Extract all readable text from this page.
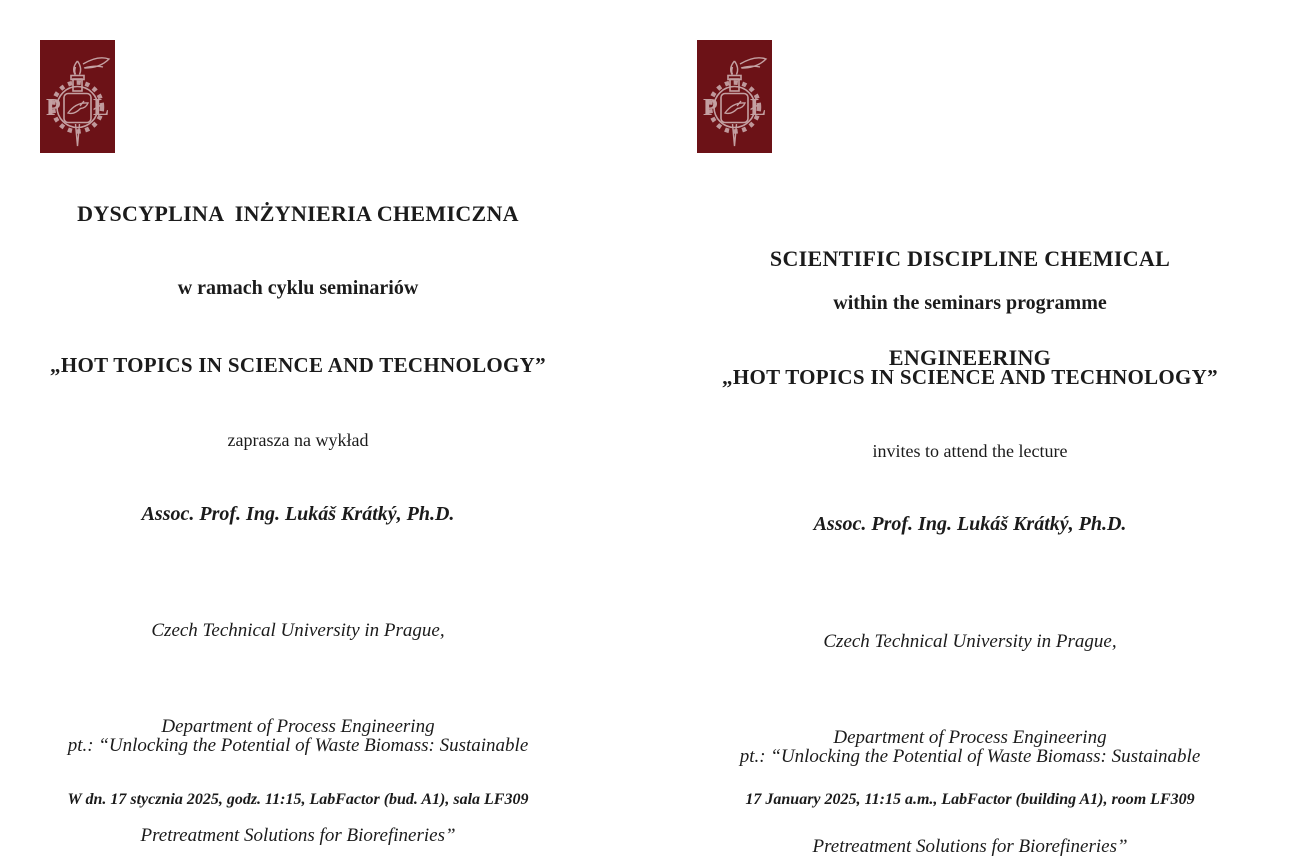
P Ł	P Ł
DYSCYPLINA  INŻYNIERIA CHEMICZNA
w ramach cyklu seminariów
„HOT TOPICS IN SCIENCE AND TECHNOLOGY”
zaprasza na wykład
Assoc. Prof. Ing. Lukáš Krátký, Ph.D.

Czech Technical University in Prague,

Department of Process Engineering

pt.: “Unlocking the Potential of Waste Biomass: Sustainable

Pretreatment Solutions for Biorefineries”

W dn. 17 stycznia 2025, godz. 11:15, LabFactor (bud. A1), sala LF309

SCIENTIFIC DISCIPLINE CHEMICAL

ENGINEERING

within the seminars programme
„HOT TOPICS IN SCIENCE AND TECHNOLOGY”
invites to attend the lecture
Assoc. Prof. Ing. Lukáš Krátký, Ph.D.

Czech Technical University in Prague,

Department of Process Engineering

pt.: “Unlocking the Potential of Waste Biomass: Sustainable

Pretreatment Solutions for Biorefineries”

17 January 2025, 11:15 a.m., LabFactor (building A1), room LF309
